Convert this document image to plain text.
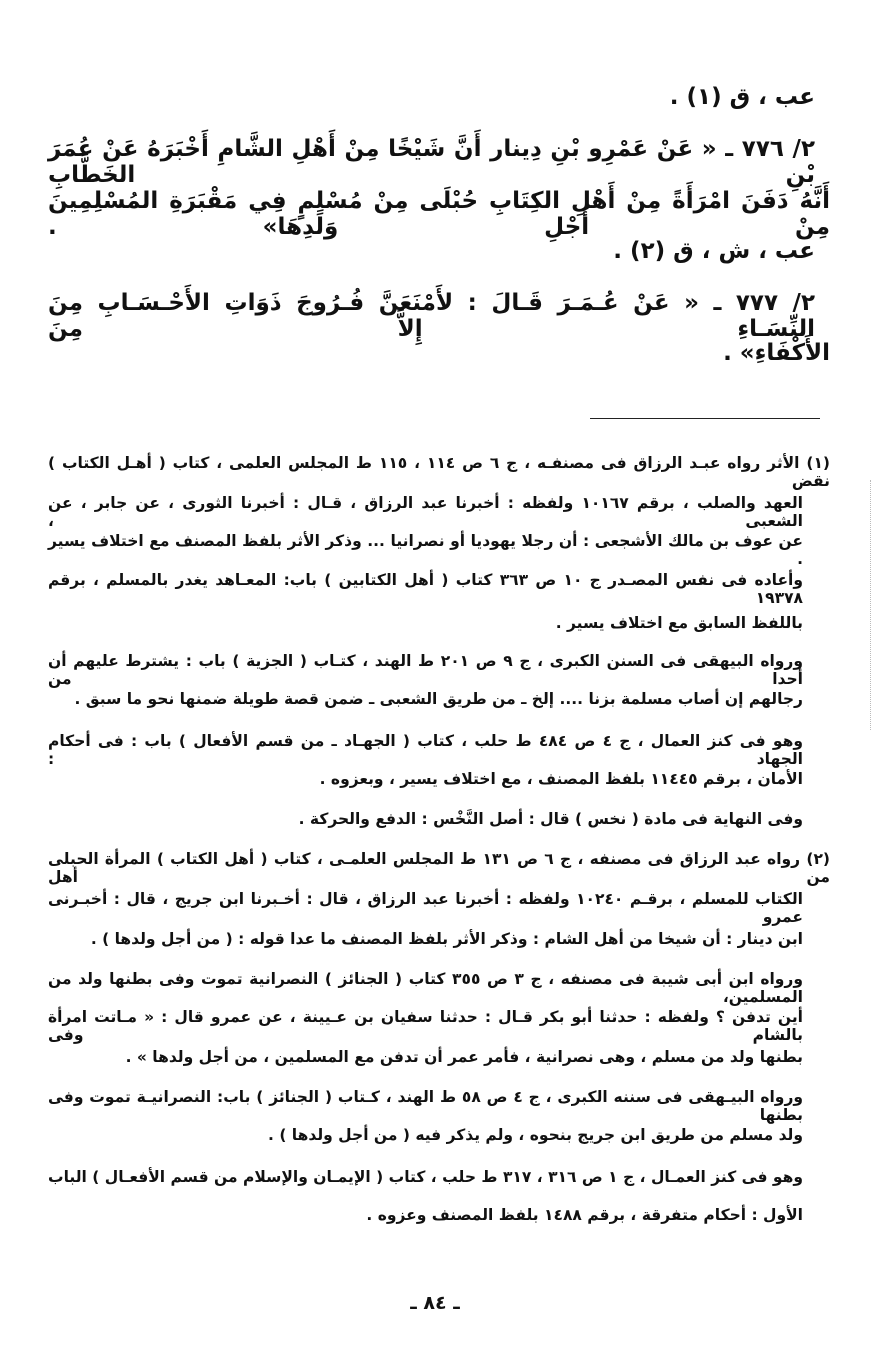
عب ، ق (١) .
٢/ ٧٧٦ ـ « عَنْ عَمْرِو بْنِ دِينار أَنَّ شَيْخًا مِنْ أَهْلِ الشَّامِ أَخْبَرَهُ عَنْ عُمَرَ بْنِ الخَطَّابِ
أَنَّهُ دَفَنَ امْرَأَةً مِنْ أَهْلِ الكِتَابِ حُبْلَى مِنْ مُسْلِمٍ فِي مَقْبَرَةِ المُسْلِمِينَ مِنْ أَجْلِ وَلَدِهَا» .
عب ، ش ، ق (٢) .
٢/ ٧٧٧ ـ « عَنْ عُـمَـرَ قَـالَ : لأَمْنَعَنَّ فُـرُوجَ ذَوَاتِ الأَحْـسَـابِ مِنَ النِّسَـاءِ إِلاَّ مِنَ
الأَكْفَاءِ» .
(١) الأثر رواه عبـد الرزاق فى مصنفـه ، ج ٦ ص ١١٤ ، ١١٥ ط المجلس العلمى ، كتاب ( أهـل الكتاب ) نقض
العهد والصلب ، برقم ١٠١٦٧ ولفظه : أخبرنا عبد الرزاق ، قـال : أخبرنا الثورى ، عن جابر ، عن الشعبى ،
عن عوف بن مالك الأشجعى : أن رجلا يهوديا أو نصرانيا ... وذكر الأثر بلفظ المصنف مع اختلاف يسير .
وأعاده فى نفس المصـدر ج ١٠ ص ٣٦٣ كتاب ( أهل الكتابين ) باب: المعـاهد يغدر بالمسلم ، برقم ١٩٣٧٨
باللفظ السابق مع اختلاف يسير .
ورواه البيهقى فى السنن الكبرى ، ج ٩ ص ٢٠١ ط الهند ، كتـاب ( الجزية ) باب : يشترط عليهم أن أحدا من
رجالهم إن أصاب مسلمة بزنا .... إلخ ـ من طريق الشعبى ـ ضمن قصة طويلة ضمنها نحو ما سبق .
وهو فى كنز العمال ، ج ٤ ص ٤٨٤ ط حلب ، كتاب ( الجهـاد ـ من قسم الأفعال ) باب : فى أحكام الجهاد :
الأمان ، برقم ١١٤٤٥ بلفظ المصنف ، مع اختلاف يسير ، وبعزوه .
وفى النهاية فى مادة ( نخس ) قال : أصل النَّخْس : الدفع والحركة .
(٢) رواه عبد الرزاق فى مصنفه ، ج ٦ ص ١٣١ ط المجلس العلمـى ، كتاب ( أهل الكتاب ) المرأة الحبلى من أهل
الكتاب للمسلم ، برقـم ١٠٢٤٠ ولفظه : أخبرنا عبد الرزاق ، قال : أخـبرنا ابن جريج ، قال : أخبـرنى عمرو
ابن دينار : أن شيخا من أهل الشام : وذكر الأثر بلفظ المصنف ما عدا قوله : ( من أجل ولدها ) .
ورواه ابن أبى شيبة فى مصنفه ، ج ٣ ص ٣٥٥ كتاب ( الجنائز ) النصرانية تموت وفى بطنها ولد من المسلمين،
أين تدفن ؟ ولفظه : حدثنا أبو بكر قـال : حدثنا سفيان بن عـيينة ، عن عمرو قال : « مـاتت امرأة بالشام وفى
بطنها ولد من مسلم ، وهى نصرانية ، فأمر عمر أن تدفن مع المسلمين ، من أجل ولدها » .
ورواه البيـهقى فى سننه الكبرى ، ج ٤ ص ٥٨ ط الهند ، كـتاب ( الجنائز ) باب: النصرانيـة تموت وفى بطنها
ولد مسلم من طريق ابن جريج بنحوه ، ولم يذكر فيه ( من أجل ولدها ) .
وهو فى كنز العمـال ، ج ١ ص ٣١٦ ، ٣١٧ ط حلب ، كتاب ( الإيمـان والإسلام من قسم الأفعـال ) الباب
الأول : أحكام متفرقة ، برقم ١٤٨٨ بلفظ المصنف وعزوه .
ـ ٨٤ ـ
